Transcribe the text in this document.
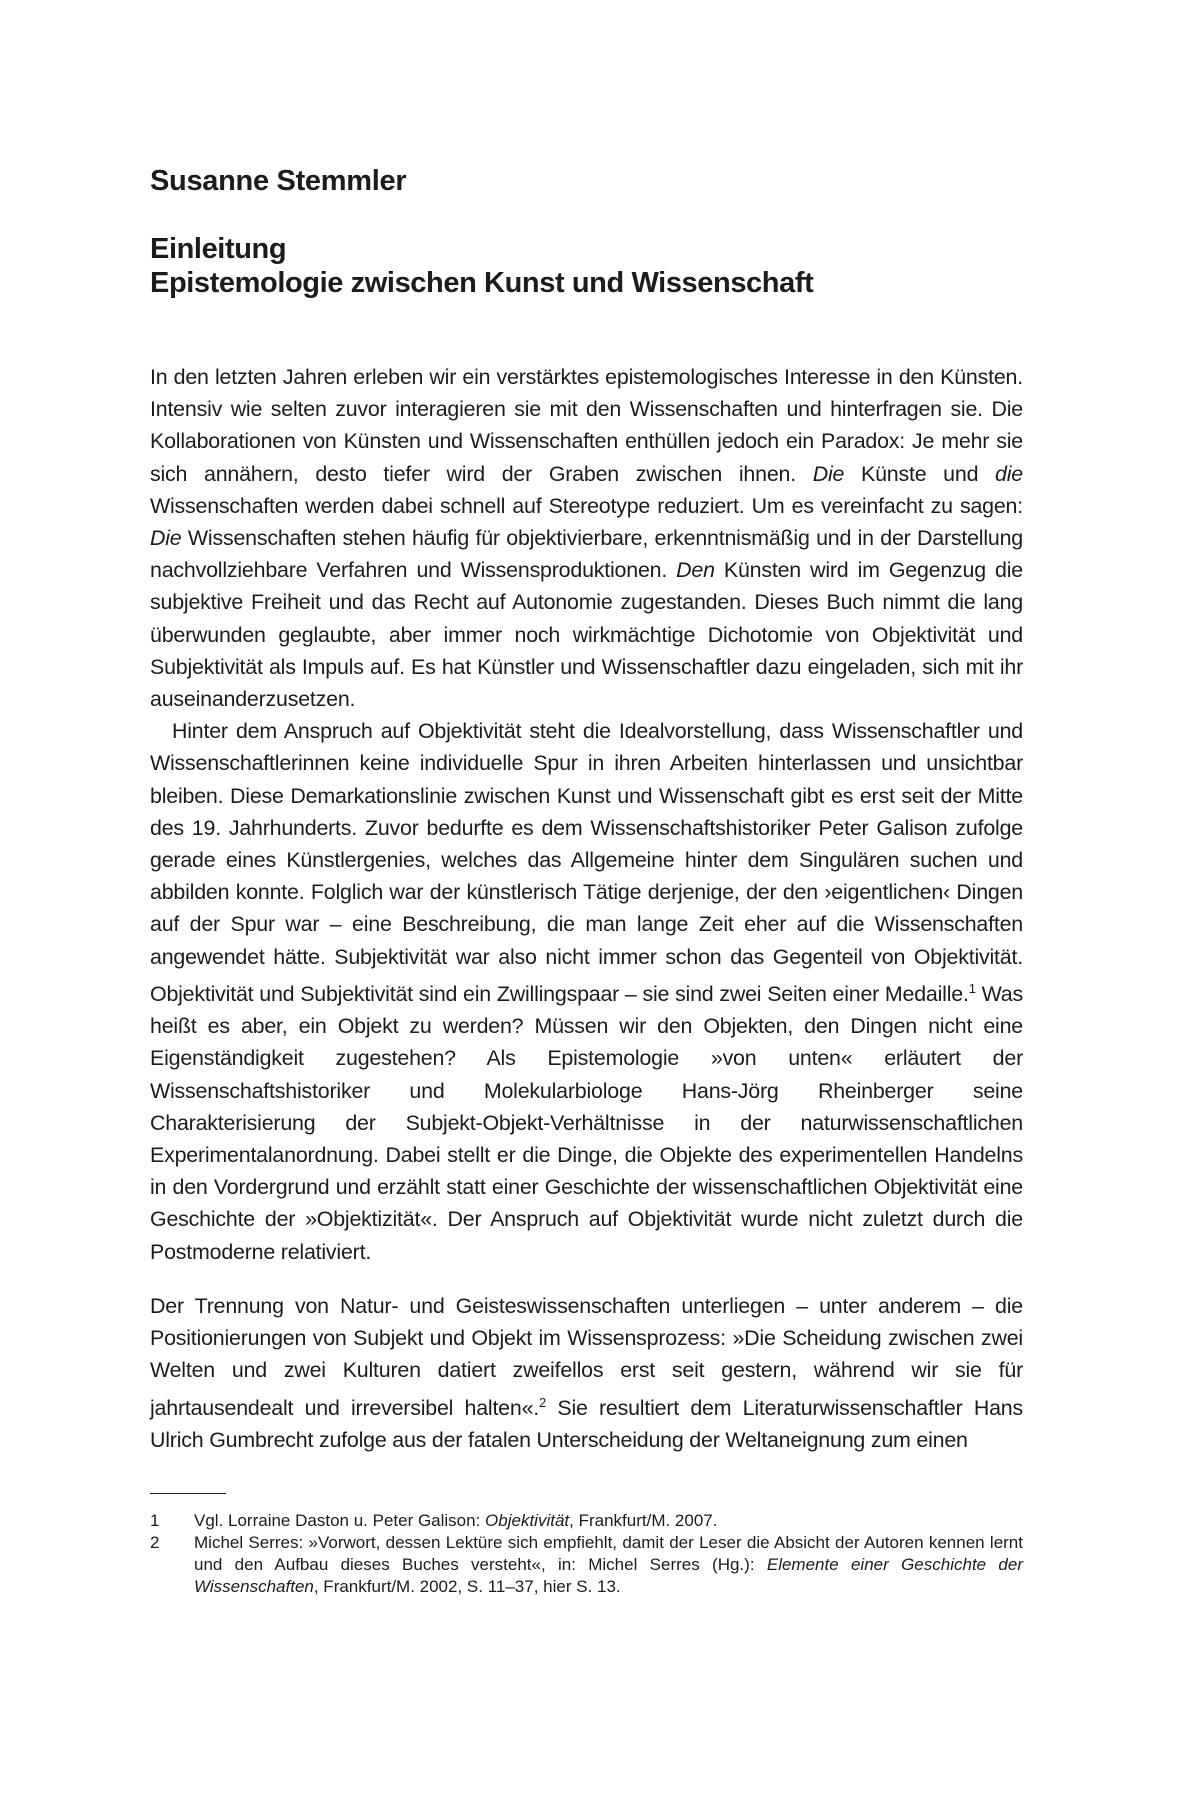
Susanne Stemmler
Einleitung
Epistemologie zwischen Kunst und Wissenschaft

In den letzten Jahren erleben wir ein verstärktes epistemologisches Interesse in den Künsten. Intensiv wie selten zuvor interagieren sie mit den Wissenschaften und hinterfragen sie. Die Kollaborationen von Künsten und Wissenschaften enthüllen jedoch ein Paradox: Je mehr sie sich annähern, desto tiefer wird der Graben zwischen ihnen. Die Künste und die Wissenschaften werden dabei schnell auf Stereotype reduziert. Um es vereinfacht zu sagen: Die Wissenschaften stehen häufig für objektivierbare, erkenntnismäßig und in der Darstellung nachvollziehbare Verfahren und Wissensproduktionen. Den Künsten wird im Gegenzug die subjektive Freiheit und das Recht auf Autonomie zugestanden. Dieses Buch nimmt die lang überwunden geglaubte, aber immer noch wirkmächtige Dichotomie von Objektivität und Subjektivität als Impuls auf. Es hat Künstler und Wissenschaftler dazu eingeladen, sich mit ihr auseinanderzusetzen.

Hinter dem Anspruch auf Objektivität steht die Idealvorstellung, dass Wissenschaftler und Wissenschaftlerinnen keine individuelle Spur in ihren Arbeiten hinterlassen und unsichtbar bleiben. Diese Demarkationslinie zwischen Kunst und Wissenschaft gibt es erst seit der Mitte des 19. Jahrhunderts. Zuvor bedurfte es dem Wissenschaftshistoriker Peter Galison zufolge gerade eines Künstlergenies, welches das Allgemeine hinter dem Singulären suchen und abbilden konnte. Folglich war der künstlerisch Tätige derjenige, der den ›eigentlichen‹ Dingen auf der Spur war – eine Beschreibung, die man lange Zeit eher auf die Wissenschaften angewendet hätte. Subjektivität war also nicht immer schon das Gegenteil von Objektivität. Objektivität und Subjektivität sind ein Zwillingspaar – sie sind zwei Seiten einer Medaille.$^1$ Was heißt es aber, ein Objekt zu werden? Müssen wir den Objekten, den Dingen nicht eine Eigenständigkeit zugestehen? Als Epistemologie »von unten« erläutert der Wissenschaftshistoriker und Molekularbiologe Hans-Jörg Rheinberger seine Charakterisierung der Subjekt-Objekt-Verhältnisse in der naturwissenschaftlichen Experimentalanordnung. Dabei stellt er die Dinge, die Objekte des experimentellen Handelns in den Vordergrund und erzählt statt einer Geschichte der wissenschaftlichen Objektivität eine Geschichte der »Objektizität«. Der Anspruch auf Objektivität wurde nicht zuletzt durch die Postmoderne relativiert.

Der Trennung von Natur- und Geisteswissenschaften unterliegen – unter anderem – die Positionierungen von Subjekt und Objekt im Wissensprozess: »Die Scheidung zwischen zwei Welten und zwei Kulturen datiert zweifellos erst seit gestern, während wir sie für jahrtausendealt und irreversibel halten«.$^2$ Sie resultiert dem Literaturwissenschaftler Hans Ulrich Gumbrecht zufolge aus der fatalen Unterscheidung der Weltaneignung zum einen

1	Vgl. Lorraine Daston u. Peter Galison: Objektivität, Frankfurt/M. 2007.
2	Michel Serres: »Vorwort, dessen Lektüre sich empfiehlt, damit der Leser die Absicht der Autoren kennen lernt und den Aufbau dieses Buches versteht«, in: Michel Serres (Hg.): Elemente einer Geschichte der Wissenschaften, Frankfurt/M. 2002, S. 11–37, hier S. 13.
